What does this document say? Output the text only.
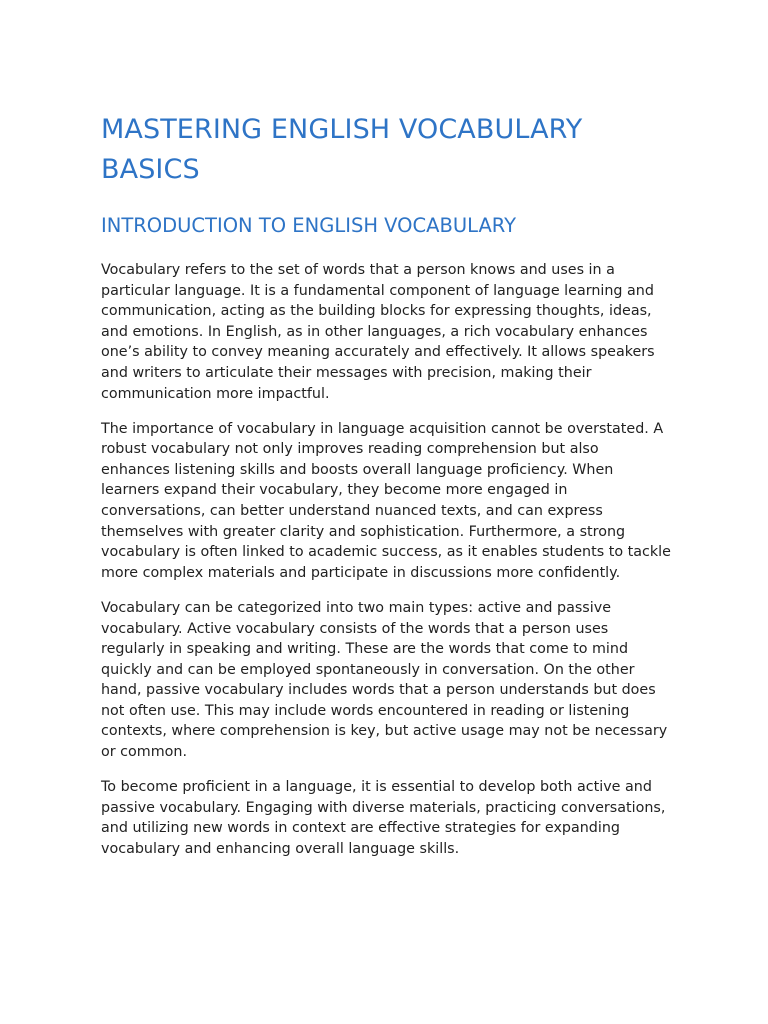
MASTERING ENGLISH VOCABULARY BASICS
INTRODUCTION TO ENGLISH VOCABULARY

Vocabulary refers to the set of words that a person knows and uses in a particular language. It is a fundamental component of language learning and communication, acting as the building blocks for expressing thoughts, ideas, and emotions. In English, as in other languages, a rich vocabulary enhances one’s ability to convey meaning accurately and effectively. It allows speakers and writers to articulate their messages with precision, making their communication more impactful.

The importance of vocabulary in language acquisition cannot be overstated. A robust vocabulary not only improves reading comprehension but also enhances listening skills and boosts overall language proficiency. When learners expand their vocabulary, they become more engaged in conversations, can better understand nuanced texts, and can express themselves with greater clarity and sophistication. Furthermore, a strong vocabulary is often linked to academic success, as it enables students to tackle more complex materials and participate in discussions more confidently.

Vocabulary can be categorized into two main types: active and passive vocabulary. Active vocabulary consists of the words that a person uses regularly in speaking and writing. These are the words that come to mind quickly and can be employed spontaneously in conversation. On the other hand, passive vocabulary includes words that a person understands but does not often use. This may include words encountered in reading or listening contexts, where comprehension is key, but active usage may not be necessary or common.

To become proficient in a language, it is essential to develop both active and passive vocabulary. Engaging with diverse materials, practicing conversations, and utilizing new words in context are effective strategies for expanding vocabulary and enhancing overall language skills.
